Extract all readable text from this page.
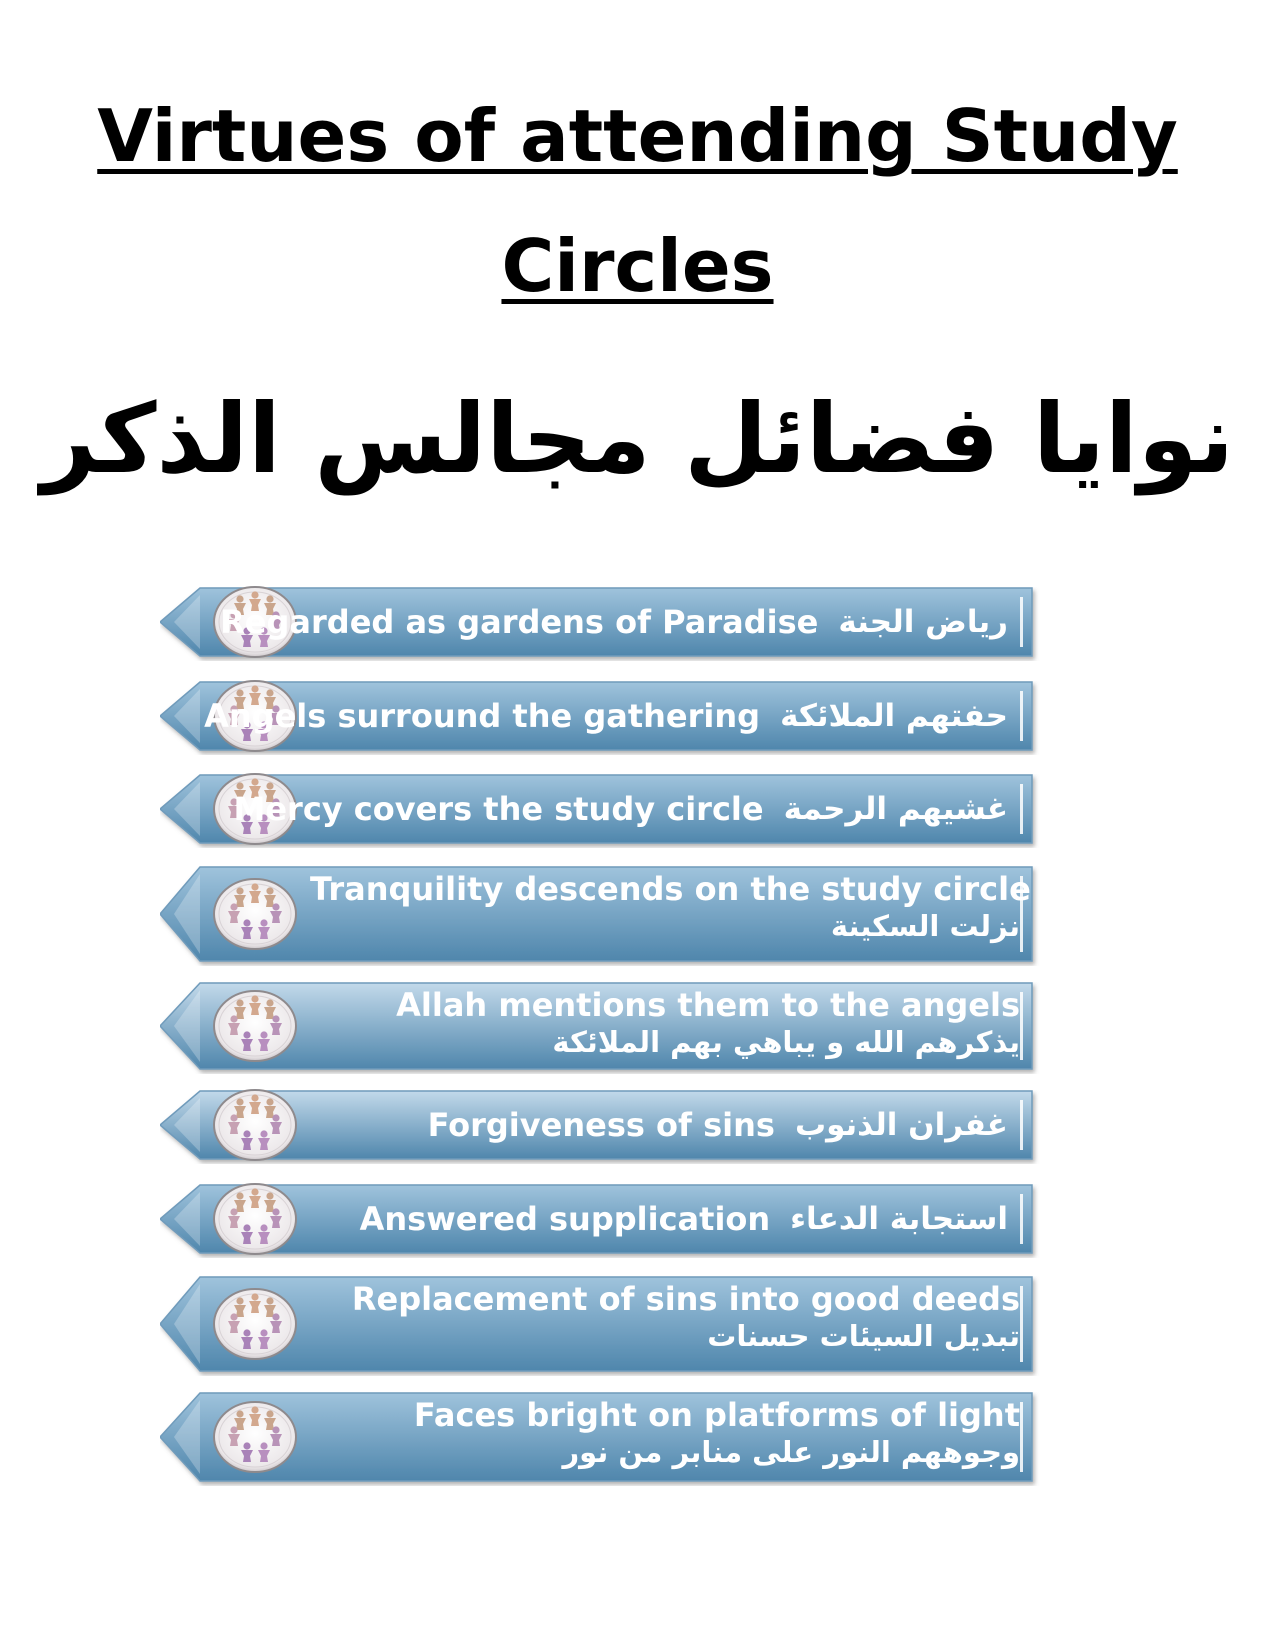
Virtues of attending Study
Circles
نوايا فضائل مجالس الذكر
Regarded as gardens of Paradise رياض الجنة
Angels surround the gathering حفتهم الملائكة
Mercy covers the study circle غشيهم الرحمة
Tranquility descends on the study circle
نزلت السكينة
Allah mentions them to the angels
يذكرهم الله و يباهي بهم الملائكة
Forgiveness of sins غفران الذنوب
Answered supplication استجابة الدعاء
Replacement of sins into good deeds
تبديل السيئات حسنات
Faces bright on platforms of light
وجوههم النور على منابر من نور
